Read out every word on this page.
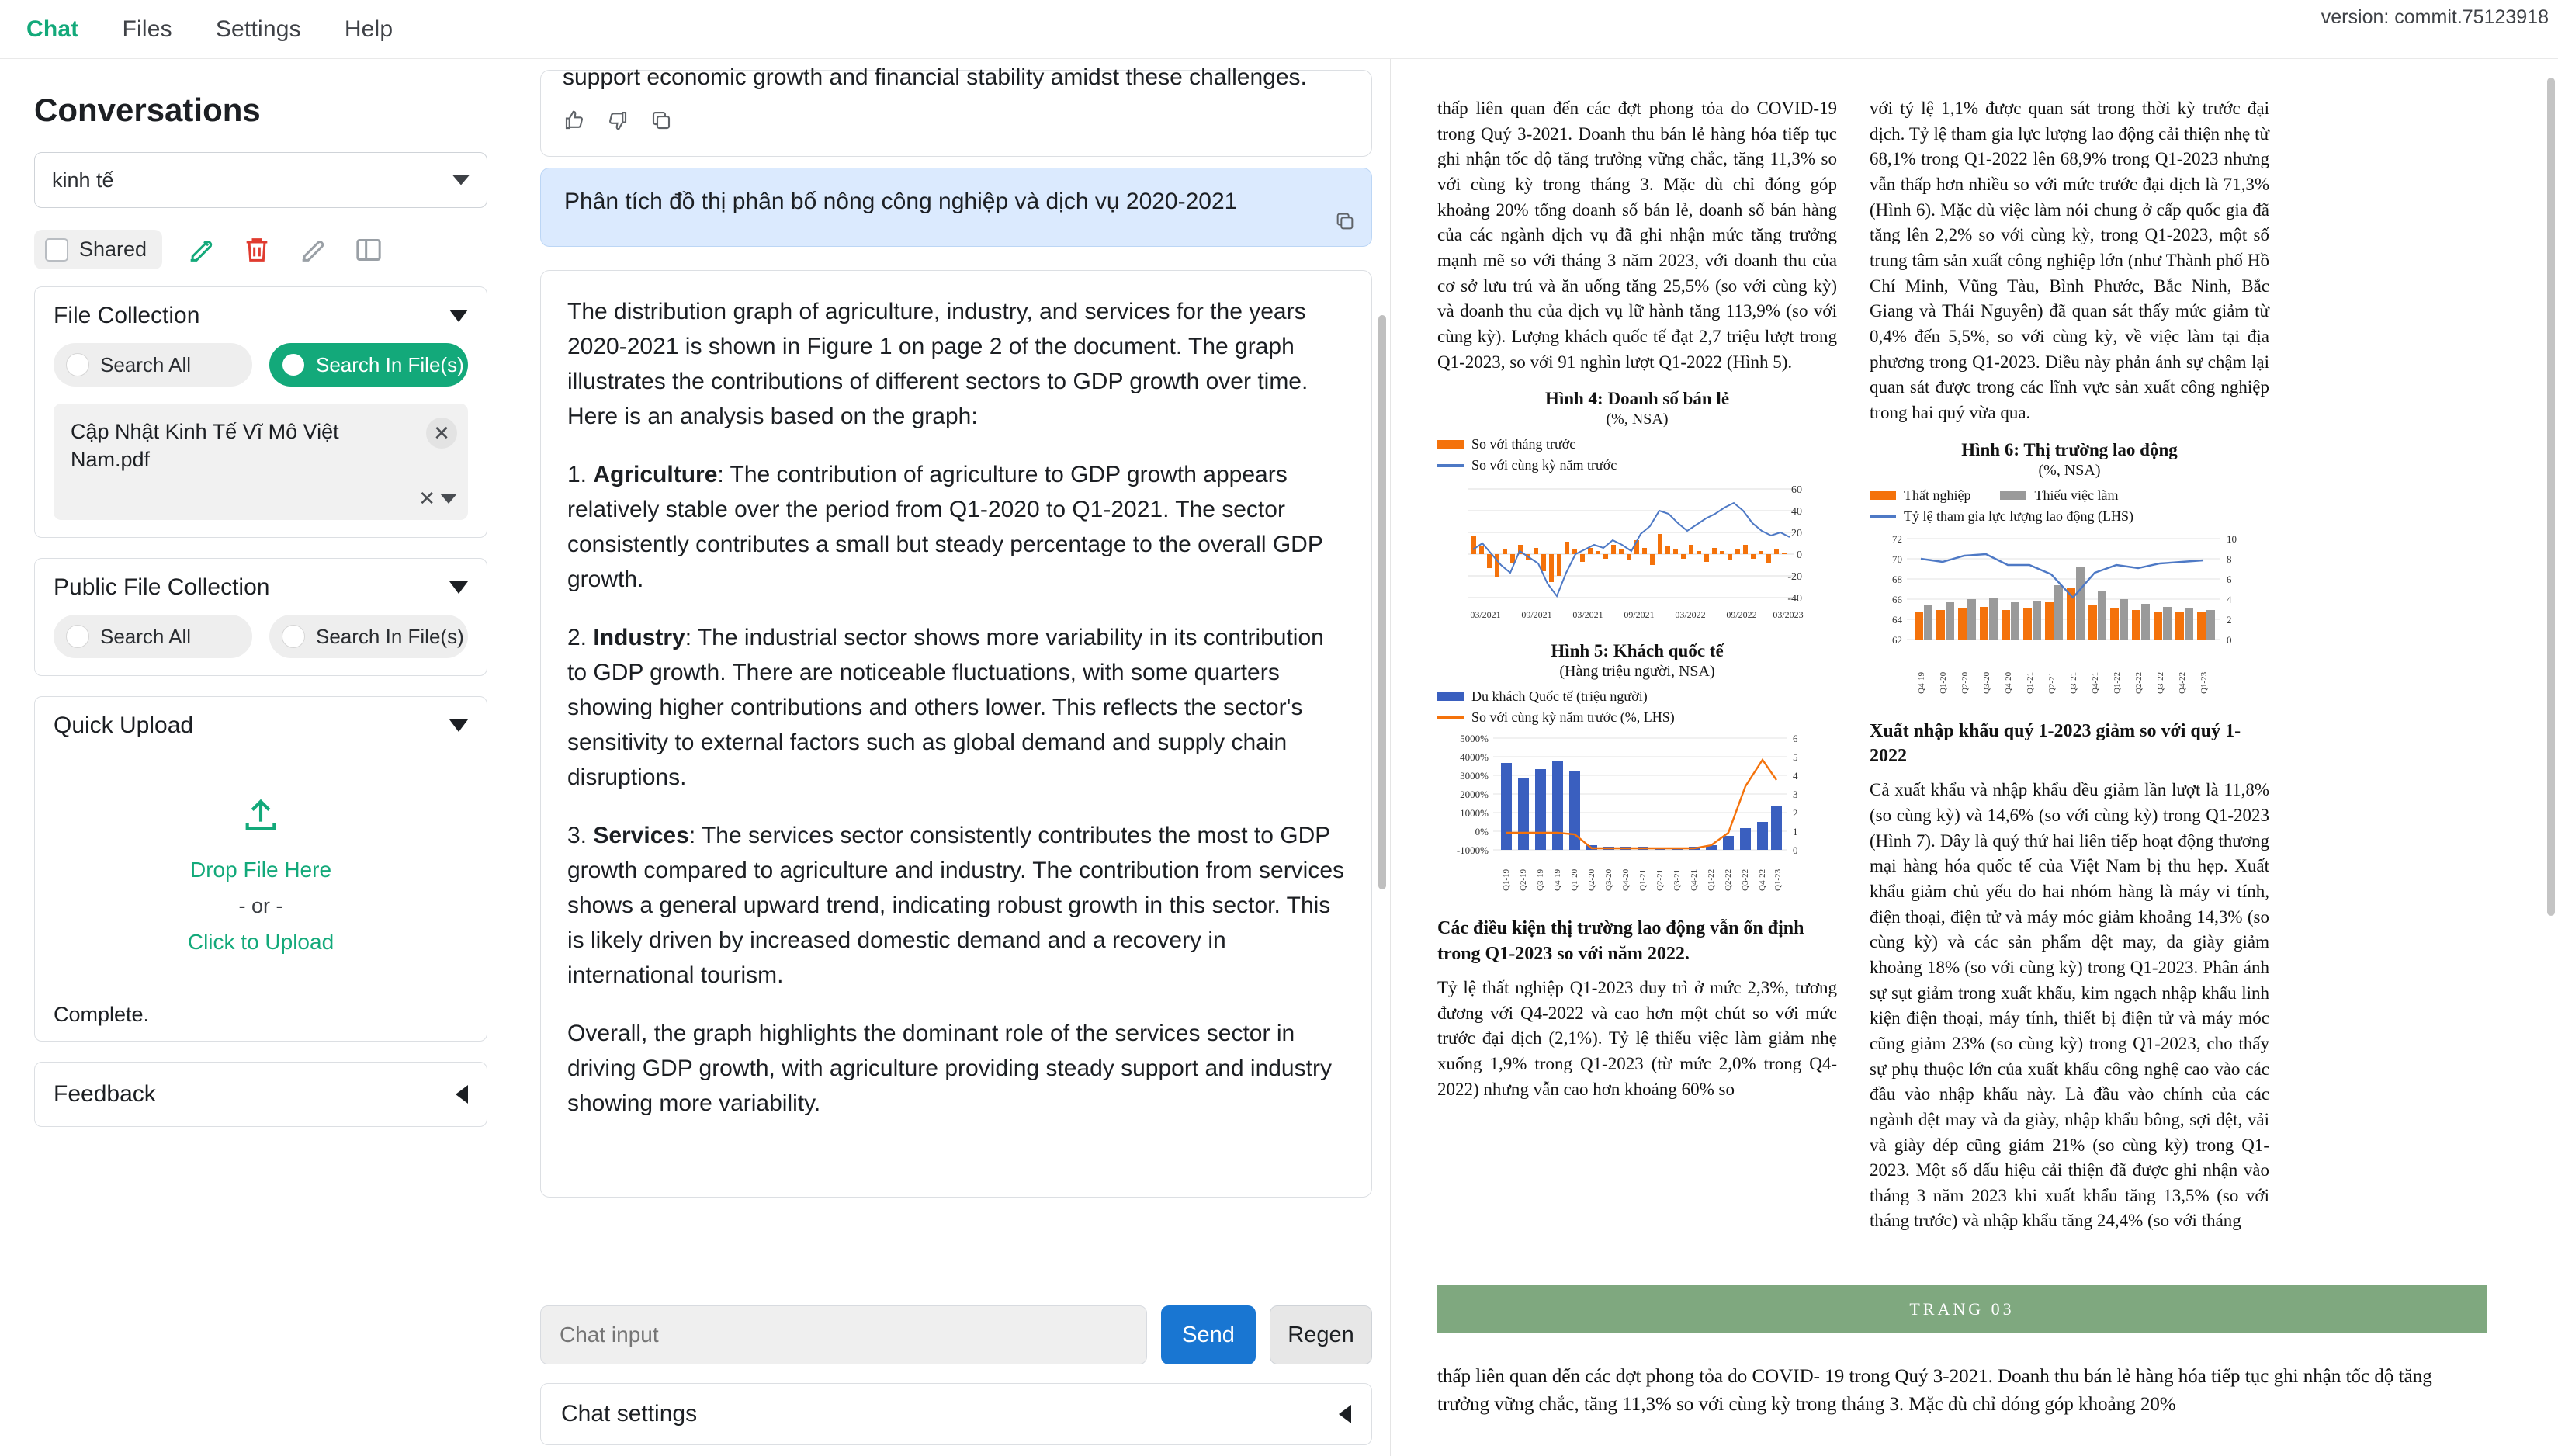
Chat Files Settings Help	version: commit.75123918
Conversations
kinh tế
Shared
File Collection
Search All	Search In File(s)
Cập Nhật Kinh Tế Vĩ Mô Việt Nam.pdf
✕
✕
Public File Collection
Search All	Search In File(s)
Quick Upload
Drop File Here
- or -
Click to Upload
Complete.
Feedback
support economic growth and financial stability amidst these challenges.
Phân tích đồ thị phân bố nông công nghiệp và dịch vụ 2020-2021

The distribution graph of agriculture, industry, and services for the years 2020-2021 is shown in Figure 1 on page 2 of the document. The graph illustrates the contributions of different sectors to GDP growth over time. Here is an analysis based on the graph:

1. Agriculture: The contribution of agriculture to GDP growth appears relatively stable over the period from Q1-2020 to Q1-2021. The sector consistently contributes a small but steady percentage to the overall GDP growth.

2. Industry: The industrial sector shows more variability in its contribution to GDP growth. There are noticeable fluctuations, with some quarters showing higher contributions and others lower. This reflects the sector's sensitivity to external factors such as global demand and supply chain disruptions.

3. Services: The services sector consistently contributes the most to GDP growth compared to agriculture and industry. The contribution from services shows a general upward trend, indicating robust growth in this sector. This is likely driven by increased domestic demand and a recovery in international tourism.

Overall, the graph highlights the dominant role of the services sector in driving GDP growth, with agriculture providing steady support and industry showing more variability.

Chat input
Send	Regen
Chat settings
thấp liên quan đến các đợt phong tỏa do COVID-19 trong Quý 3-2021. Doanh thu bán lẻ hàng hóa tiếp tục ghi nhận tốc độ tăng trưởng vững chắc, tăng 11,3% so với cùng kỳ trong tháng 3. Mặc dù chỉ đóng góp khoảng 20% tổng doanh số bán lẻ, doanh số bán hàng của các ngành dịch vụ đã ghi nhận mức tăng trưởng mạnh mẽ so với tháng 3 năm 2023, với doanh thu của cơ sở lưu trú và ăn uống tăng 25,5% (so với cùng kỳ) và doanh thu của dịch vụ lữ hành tăng 113,9% (so với cùng kỳ). Lượng khách quốc tế đạt 2,7 triệu lượt trong Q1-2023, so với 91 nghìn lượt Q1-2022 (Hình 5).
Hình 4: Doanh số bán lẻ
(%, NSA)
So với tháng trước
So với cùng kỳ năm trước
60
40
20
0
-20
-40
03/2021 09/2021 03/2021 09/2021 03/2022 09/2022 03/2023
Hình 5: Khách quốc tế
(Hàng triệu người, NSA)
Du khách Quốc tế (triệu người)
So với cùng kỳ năm trước (%, LHS)
5000%
4000%
3000%
2000%
1000%
0%
-1000%
6
5
4
3
2
1
0
Q1-19 Q2-19 Q3-19 Q4-19 Q1-20 Q2-20 Q3-20 Q4-20 Q1-21 Q2-21 Q3-21 Q4-21 Q1-22 Q2-22 Q3-22 Q4-22 Q1-23
Các điều kiện thị trường lao động vẫn ổn định trong Q1-2023 so với năm 2022.
Tỷ lệ thất nghiệp Q1-2023 duy trì ở mức 2,3%, tương đương với Q4-2022 và cao hơn một chút so với mức trước đại dịch (2,1%). Tỷ lệ thiếu việc làm giảm nhẹ xuống 1,9% trong Q1-2023 (từ mức 2,0% trong Q4-2022) nhưng vẫn cao hơn khoảng 60% so
với tỷ lệ 1,1% được quan sát trong thời kỳ trước đại dịch. Tỷ lệ tham gia lực lượng lao động cải thiện nhẹ từ 68,1% trong Q1-2022 lên 68,9% trong Q1-2023 nhưng vẫn thấp hơn nhiều so với mức trước đại dịch là 71,3% (Hình 6). Mặc dù việc làm nói chung ở cấp quốc gia đã tăng lên 2,2% so với cùng kỳ, trong Q1-2023, một số trung tâm sản xuất công nghiệp lớn (như Thành phố Hồ Chí Minh, Vũng Tàu, Bình Phước, Bắc Ninh, Bắc Giang và Thái Nguyên) đã quan sát thấy mức giảm từ 0,4% đến 5,5%, so với cùng kỳ, về việc làm tại địa phương trong Q1-2023. Điều này phản ánh sự chậm lại quan sát được trong các lĩnh vực sản xuất công nghiệp trong hai quý vừa qua.
Hình 6: Thị trường lao động
(%, NSA)
Thất nghiệp	Thiếu việc làm
Tỷ lệ tham gia lực lượng lao động (LHS)
72
70
68
66
64
62
10
8
6
4
2
0
Q4-19 Q1-20 Q2-20 Q3-20 Q4-20 Q1-21 Q2-21 Q3-21 Q4-21 Q1-22 Q2-22 Q3-22 Q4-22 Q1-23
Xuất nhập khẩu quý 1-2023 giảm so với quý 1-2022
Cả xuất khẩu và nhập khẩu đều giảm lần lượt là 11,8% (so cùng kỳ) và 14,6% (so với cùng kỳ) trong Q1-2023 (Hình 7). Đây là quý thứ hai liên tiếp hoạt động thương mại hàng hóa quốc tế của Việt Nam bị thu hẹp. Xuất khẩu giảm chủ yếu do hai nhóm hàng là máy vi tính, điện thoại, điện tử và máy móc giảm khoảng 14,3% (so cùng kỳ) và các sản phẩm dệt may, da giày giảm khoảng 18% (so với cùng kỳ) trong Q1-2023. Phân ánh sự sụt giảm trong xuất khẩu, kim ngạch nhập khẩu linh kiện điện thoại, máy tính, thiết bị điện tử và máy móc cũng giảm 23% (so cùng kỳ) trong Q1-2023, cho thấy sự phụ thuộc lớn của xuất khẩu công nghệ cao vào các đầu vào nhập khẩu này. Là đầu vào chính của các ngành dệt may và da giày, nhập khẩu bông, sợi dệt, vải và giày dép cũng giảm 21% (so cùng kỳ) trong Q1-2023. Một số dấu hiệu cải thiện đã được ghi nhận vào tháng 3 năm 2023 khi xuất khẩu tăng 13,5% (so với tháng trước) và nhập khẩu tăng 24,4% (so với tháng
TRANG 03
thấp liên quan đến các đợt phong tỏa do COVID- 19 trong Quý 3-2021. Doanh thu bán lẻ hàng hóa tiếp tục ghi nhận tốc độ tăng trưởng vững chắc, tăng 11,3% so với cùng kỳ trong tháng 3. Mặc dù chỉ đóng góp khoảng 20%
